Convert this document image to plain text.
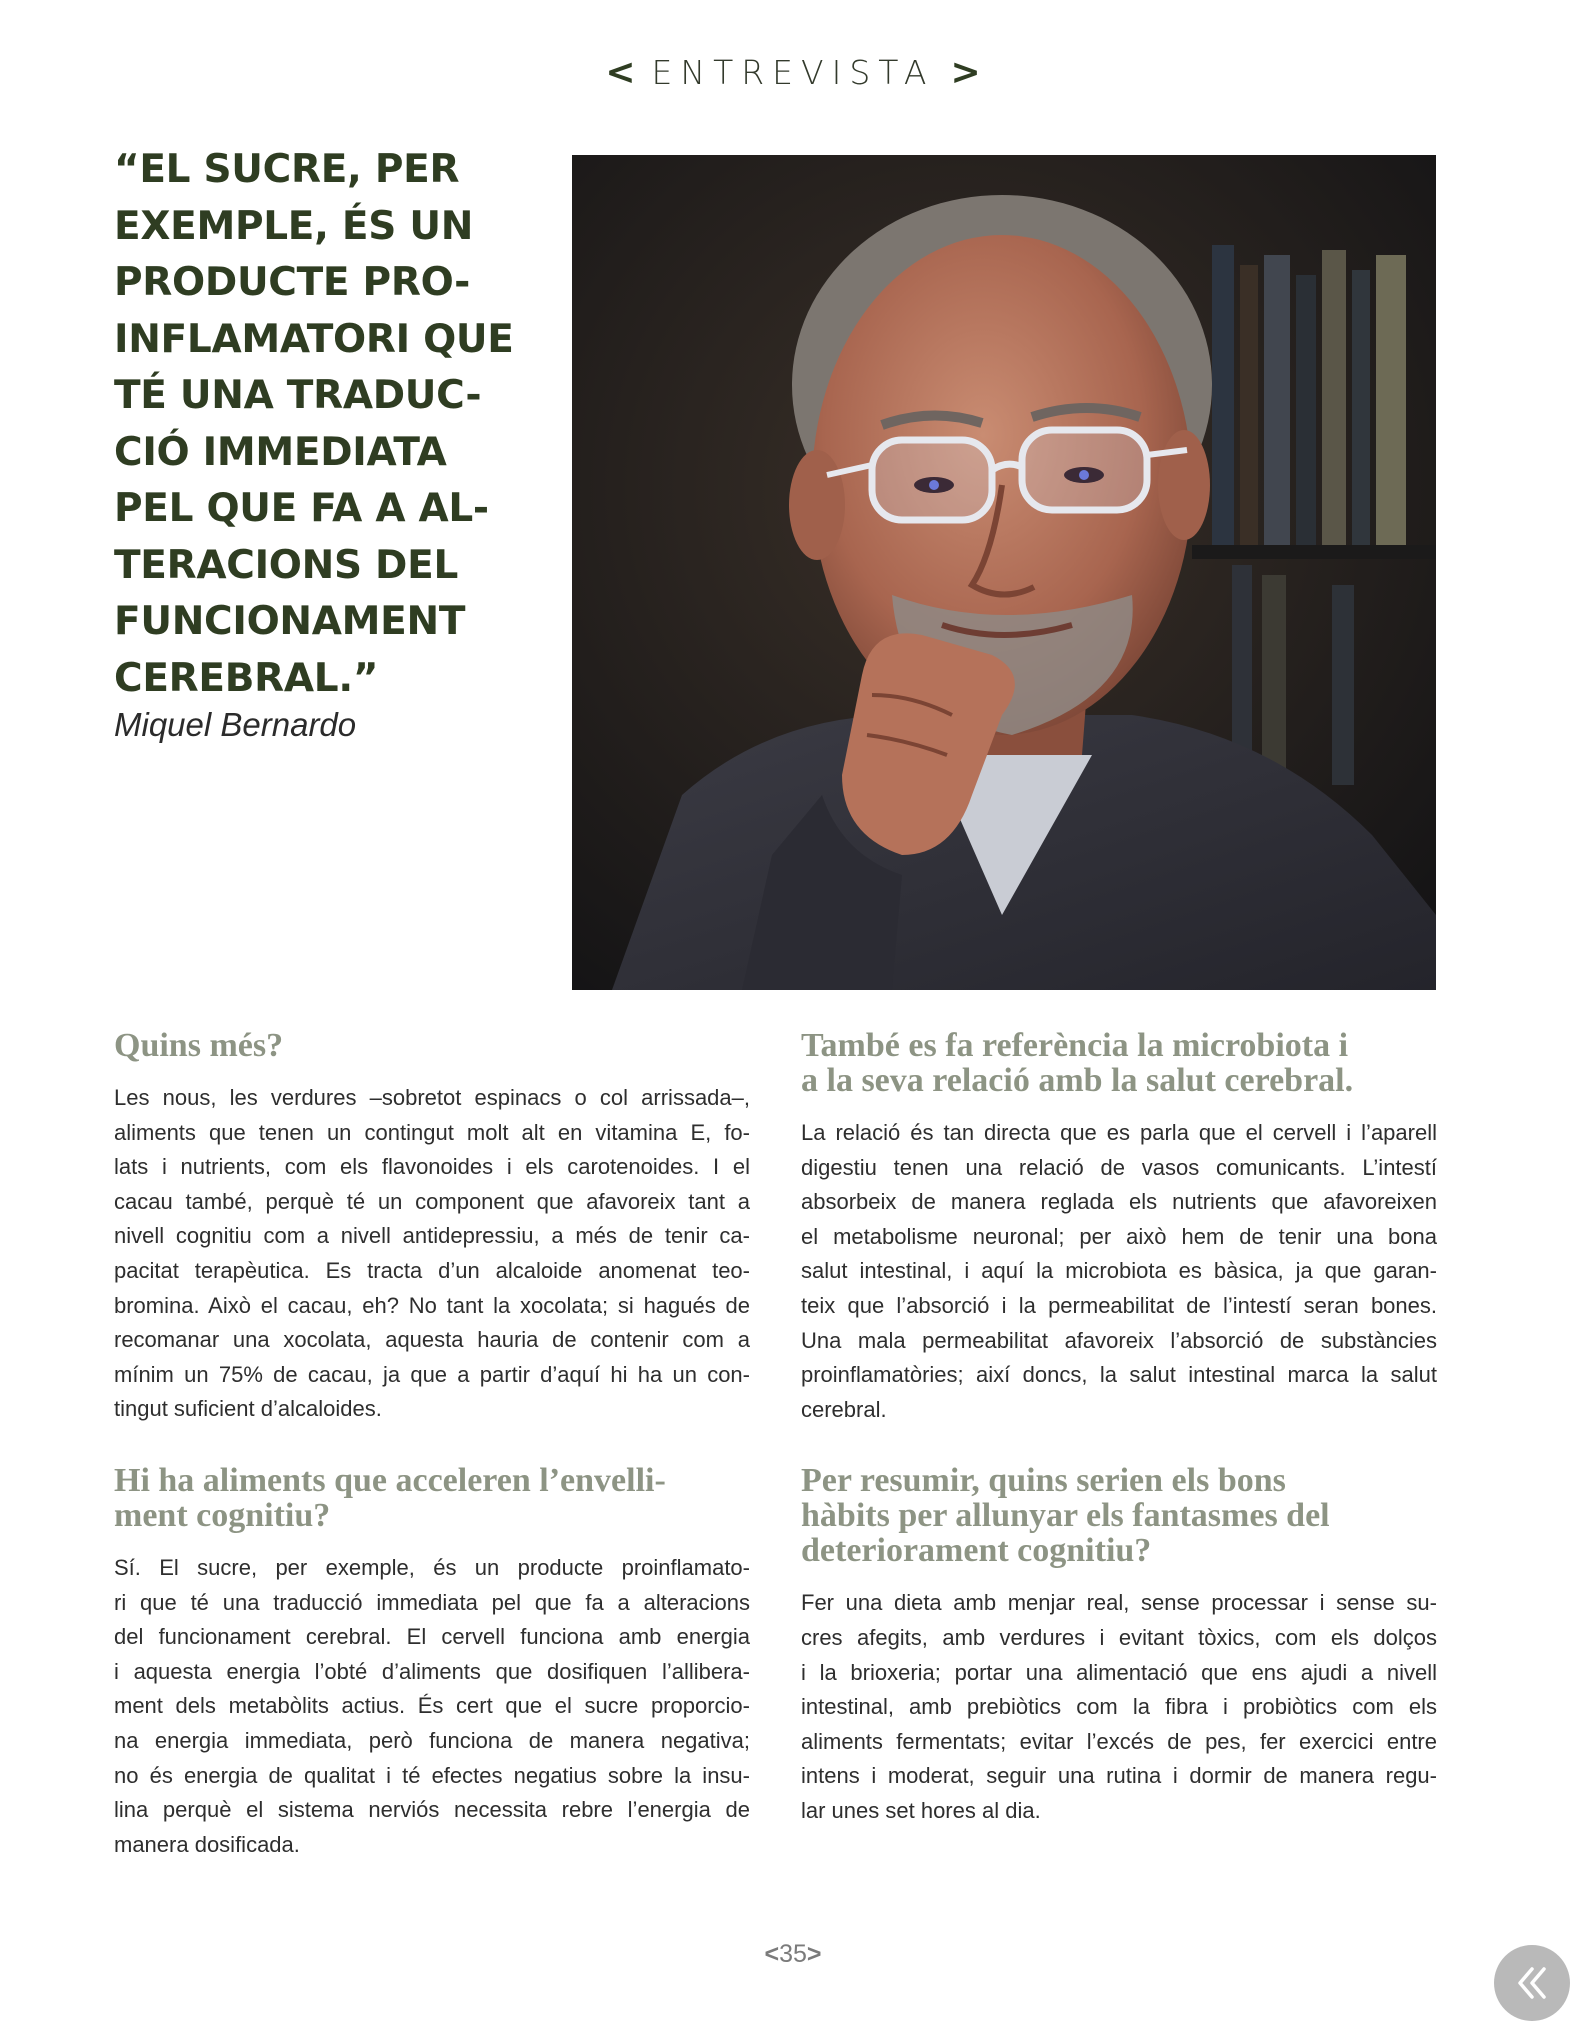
< ENTREVISTA >
“EL SUCRE, PER
EXEMPLE, ÉS UN
PRODUCTE PRO-
INFLAMATORI QUE
TÉ UNA TRADUC-
CIÓ IMMEDIATA
PEL QUE FA A AL-
TERACIONS DEL
FUNCIONAMENT
CEREBRAL.”
Miquel Bernardo
Quins més?
Les nous, les verdures –sobretot espinacs o col arrissada–,
aliments que tenen un contingut molt alt en vitamina E, fo-
lats i nutrients, com els flavonoides i els carotenoides. I el
cacau també, perquè té un component que afavoreix tant a
nivell cognitiu com a nivell antidepressiu, a més de tenir ca-
pacitat terapèutica. Es tracta d’un alcaloide anomenat teo-
bromina. Això el cacau, eh? No tant la xocolata; si hagués de
recomanar una xocolata, aquesta hauria de contenir com a
mínim un 75% de cacau, ja que a partir d’aquí hi ha un con-
tingut suficient d’alcaloides.
Hi ha aliments que acceleren l’envelli-
ment cognitiu?
Sí. El sucre, per exemple, és un producte proinflamato-
ri que té una traducció immediata pel que fa a alteracions
del funcionament cerebral. El cervell funciona amb energia
i aquesta energia l’obté d’aliments que dosifiquen l’allibera-
ment dels metabòlits actius. És cert que el sucre proporcio-
na energia immediata, però funciona de manera negativa;
no és energia de qualitat i té efectes negatius sobre la insu-
lina perquè el sistema nerviós necessita rebre l’energia de
manera dosificada.
També es fa referència la microbiota i
a la seva relació amb la salut cerebral.
La relació és tan directa que es parla que el cervell i l’aparell
digestiu tenen una relació de vasos comunicants. L’intestí
absorbeix de manera reglada els nutrients que afavoreixen
el metabolisme neuronal; per això hem de tenir una bona
salut intestinal, i aquí la microbiota es bàsica, ja que garan-
teix que l’absorció i la permeabilitat de l’intestí seran bones.
Una mala permeabilitat afavoreix l’absorció de substàncies
proinflamatòries; així doncs, la salut intestinal marca la salut
cerebral.
Per resumir, quins serien els bons
hàbits per allunyar els fantasmes del
deteriorament cognitiu?
Fer una dieta amb menjar real, sense processar i sense su-
cres afegits, amb verdures i evitant tòxics, com els dolços
i la brioxeria; portar una alimentació que ens ajudi a nivell
intestinal, amb prebiòtics com la fibra i probiòtics com els
aliments fermentats; evitar l’excés de pes, fer exercici entre
intens i moderat, seguir una rutina i dormir de manera regu-
lar unes set hores al dia.
<35>
